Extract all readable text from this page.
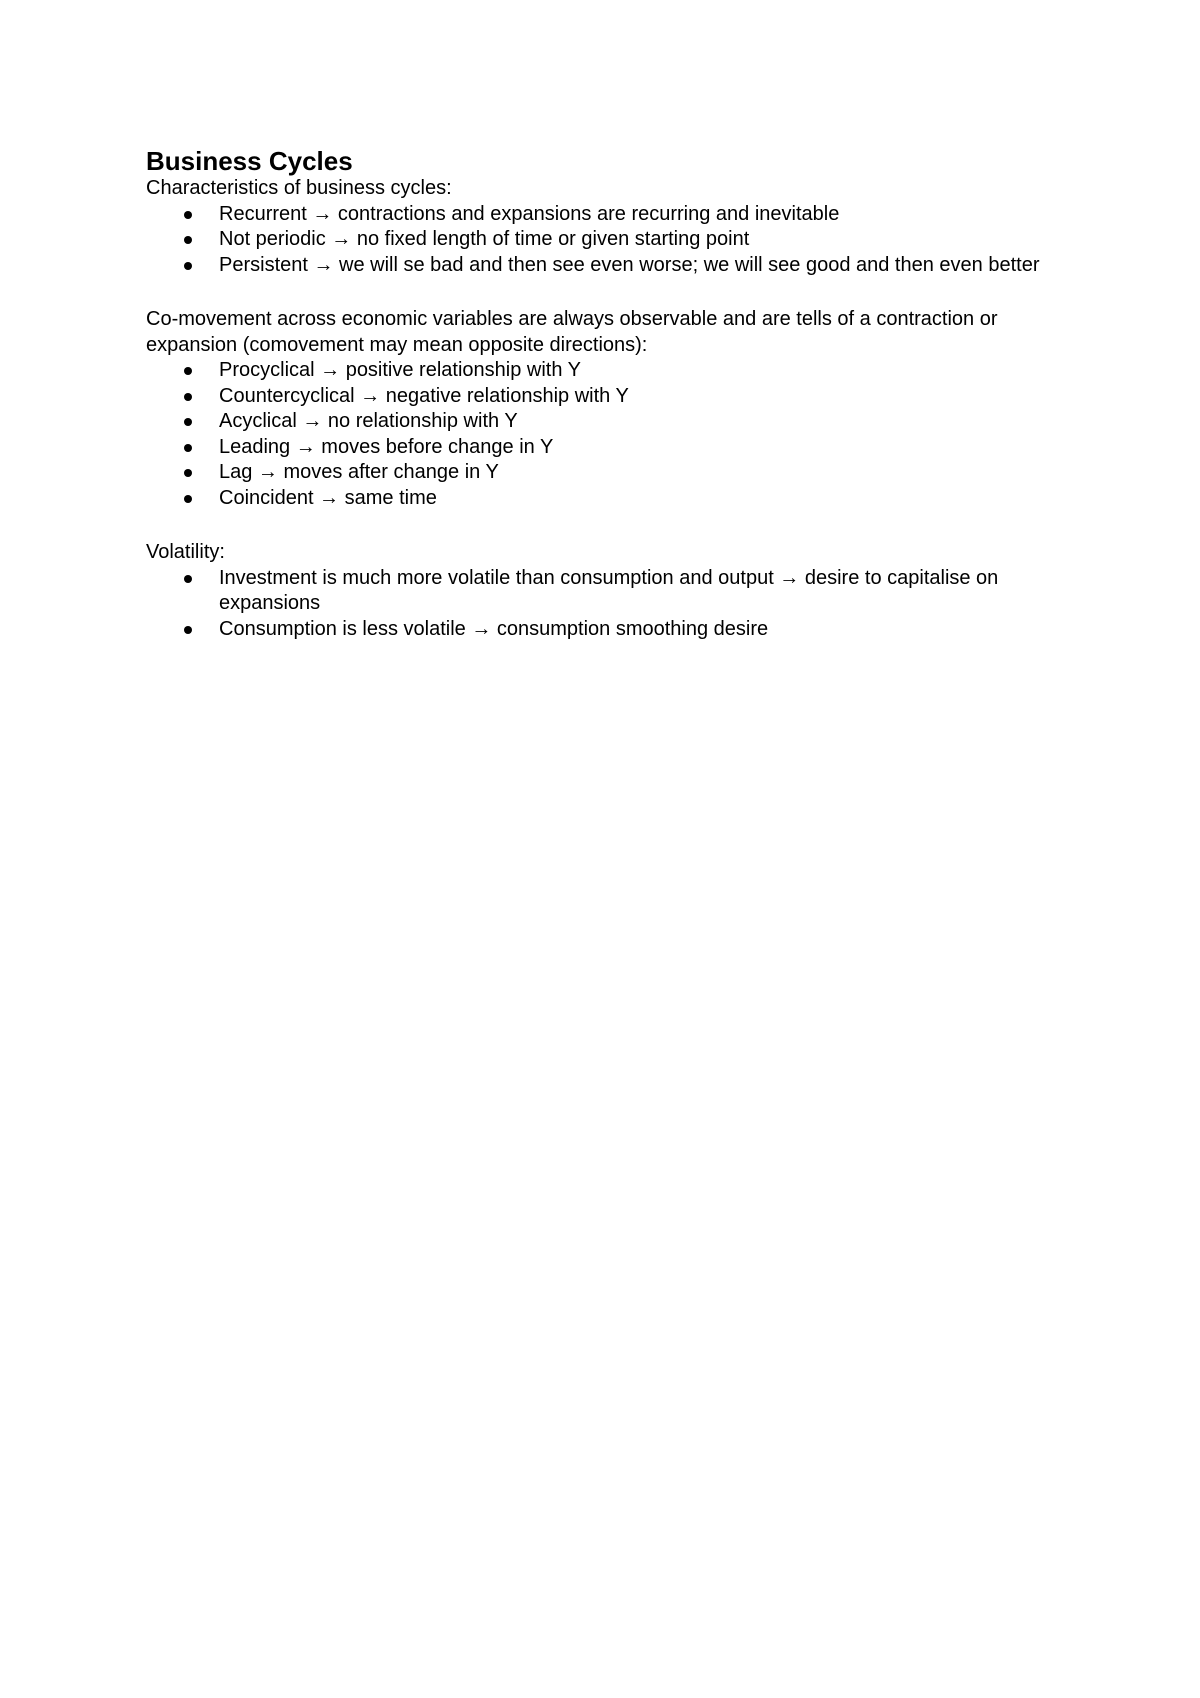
Business Cycles

Characteristics of business cycles:

Recurrent → contractions and expansions are recurring and inevitable
Not periodic → no fixed length of time or given starting point
Persistent → we will se bad and then see even worse; we will see good and then even better

Co-movement across economic variables are always observable and are tells of a contraction or expansion (comovement may mean opposite directions):

Procyclical → positive relationship with Y
Countercyclical → negative relationship with Y
Acyclical → no relationship with Y
Leading → moves before change in Y
Lag → moves after change in Y
Coincident → same time

Volatility:

Investment is much more volatile than consumption and output → desire to capitalise on expansions
Consumption is less volatile → consumption smoothing desire
